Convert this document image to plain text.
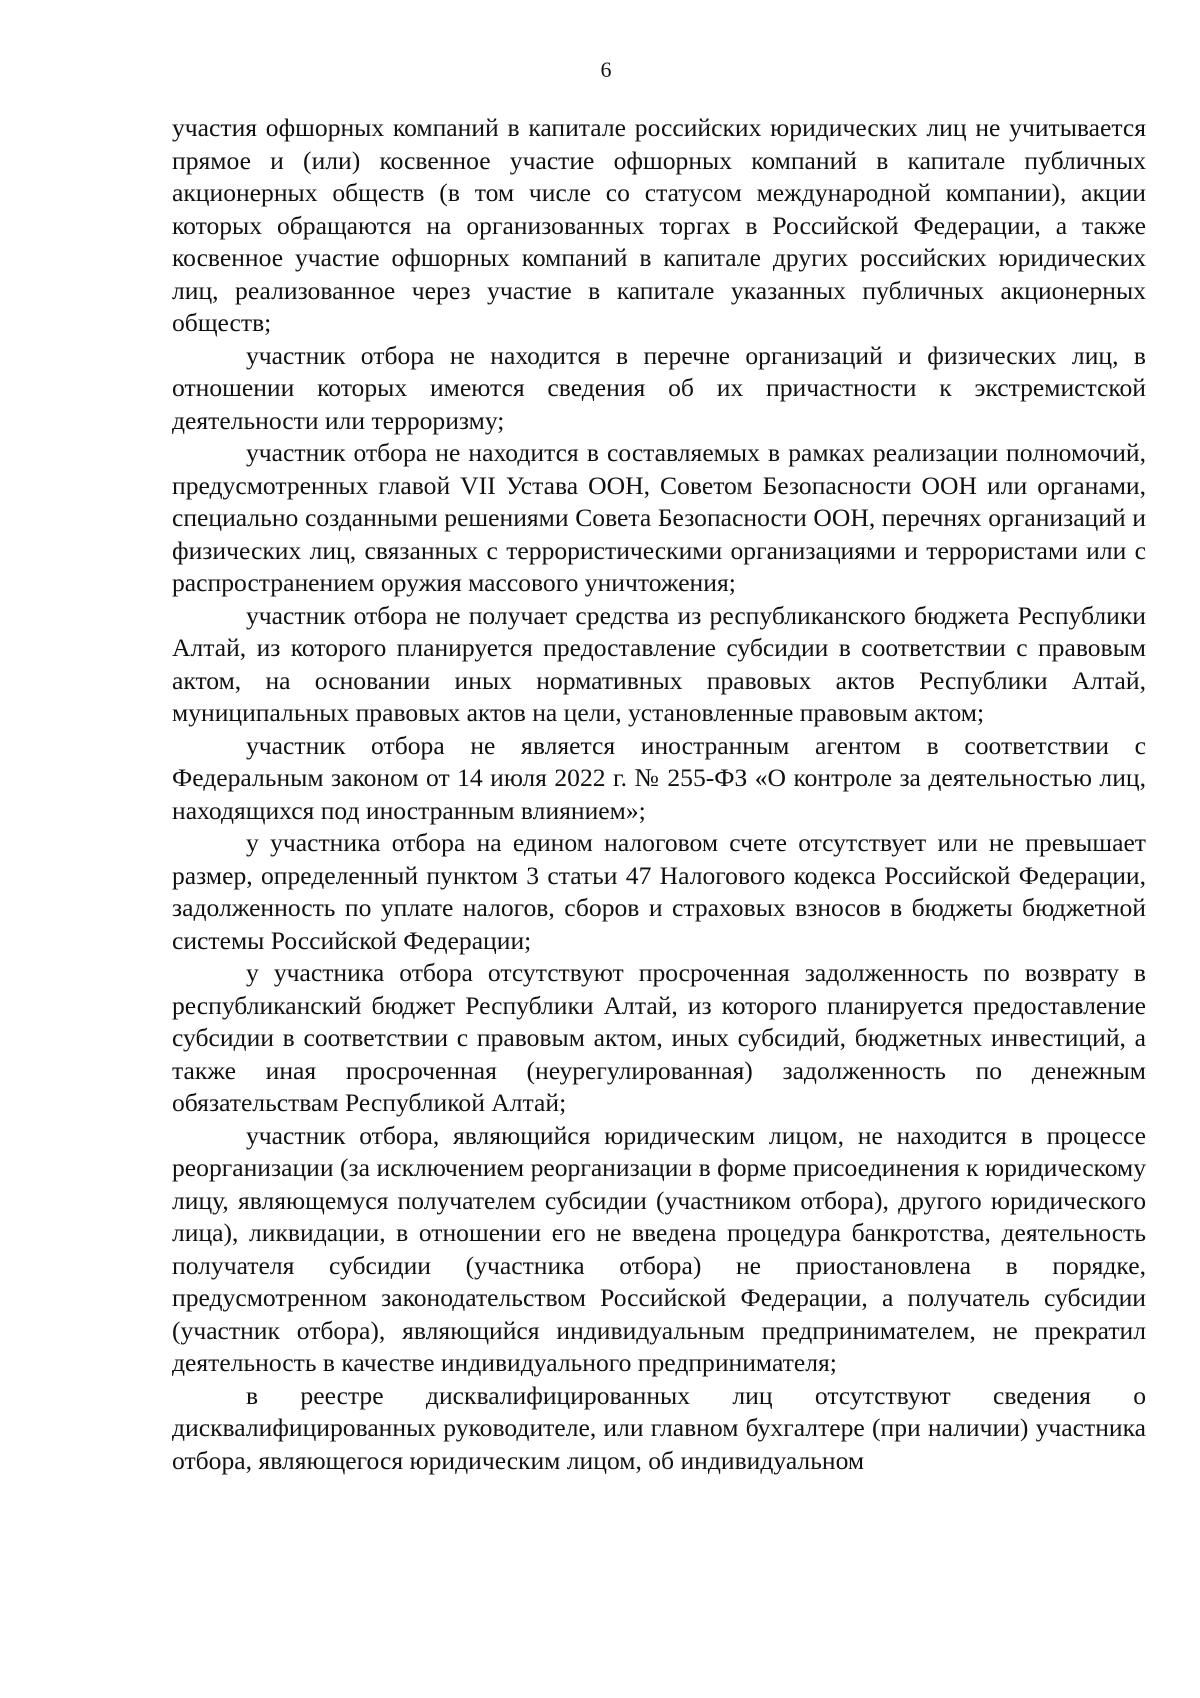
6

участия офшорных компаний в капитале российских юридических лиц не учитывается прямое и (или) косвенное участие офшорных компаний в капитале публичных акционерных обществ (в том числе со статусом международной компании), акции которых обращаются на организованных торгах в Российской Федерации, а также косвенное участие офшорных компаний в капитале других российских юридических лиц, реализованное через участие в капитале указанных публичных акционерных обществ;

участник отбора не находится в перечне организаций и физических лиц, в отношении которых имеются сведения об их причастности к экстремистской деятельности или терроризму;

участник отбора не находится в составляемых в рамках реализации полномочий, предусмотренных главой VII Устава ООН, Советом Безопасности ООН или органами, специально созданными решениями Совета Безопасности ООН, перечнях организаций и физических лиц, связанных с террористическими организациями и террористами или с распространением оружия массового уничтожения;

участник отбора не получает средства из республиканского бюджета Республики Алтай, из которого планируется предоставление субсидии в соответствии с правовым актом, на основании иных нормативных правовых актов Республики Алтай, муниципальных правовых актов на цели, установленные правовым актом;

участник отбора не является иностранным агентом в соответствии с Федеральным законом от 14 июля 2022 г. № 255-ФЗ «О контроле за деятельностью лиц, находящихся под иностранным влиянием»;

у участника отбора на едином налоговом счете отсутствует или не превышает размер, определенный пунктом 3 статьи 47 Налогового кодекса Российской Федерации, задолженность по уплате налогов, сборов и страховых взносов в бюджеты бюджетной системы Российской Федерации;

у участника отбора отсутствуют просроченная задолженность по возврату в республиканский бюджет Республики Алтай, из которого планируется предоставление субсидии в соответствии с правовым актом, иных субсидий, бюджетных инвестиций, а также иная просроченная (неурегулированная) задолженность по денежным обязательствам Республикой Алтай;

участник отбора, являющийся юридическим лицом, не находится в процессе реорганизации (за исключением реорганизации в форме присоединения к юридическому лицу, являющемуся получателем субсидии (участником отбора), другого юридического лица), ликвидации, в отношении его не введена процедура банкротства, деятельность получателя субсидии (участника отбора) не приостановлена в порядке, предусмотренном законодательством Российской Федерации, а получатель субсидии (участник отбора), являющийся индивидуальным предпринимателем, не прекратил деятельность в качестве индивидуального предпринимателя;

в реестре дисквалифицированных лиц отсутствуют сведения о дисквалифицированных руководителе, или главном бухгалтере (при наличии) участника отбора, являющегося юридическим лицом, об индивидуальном
